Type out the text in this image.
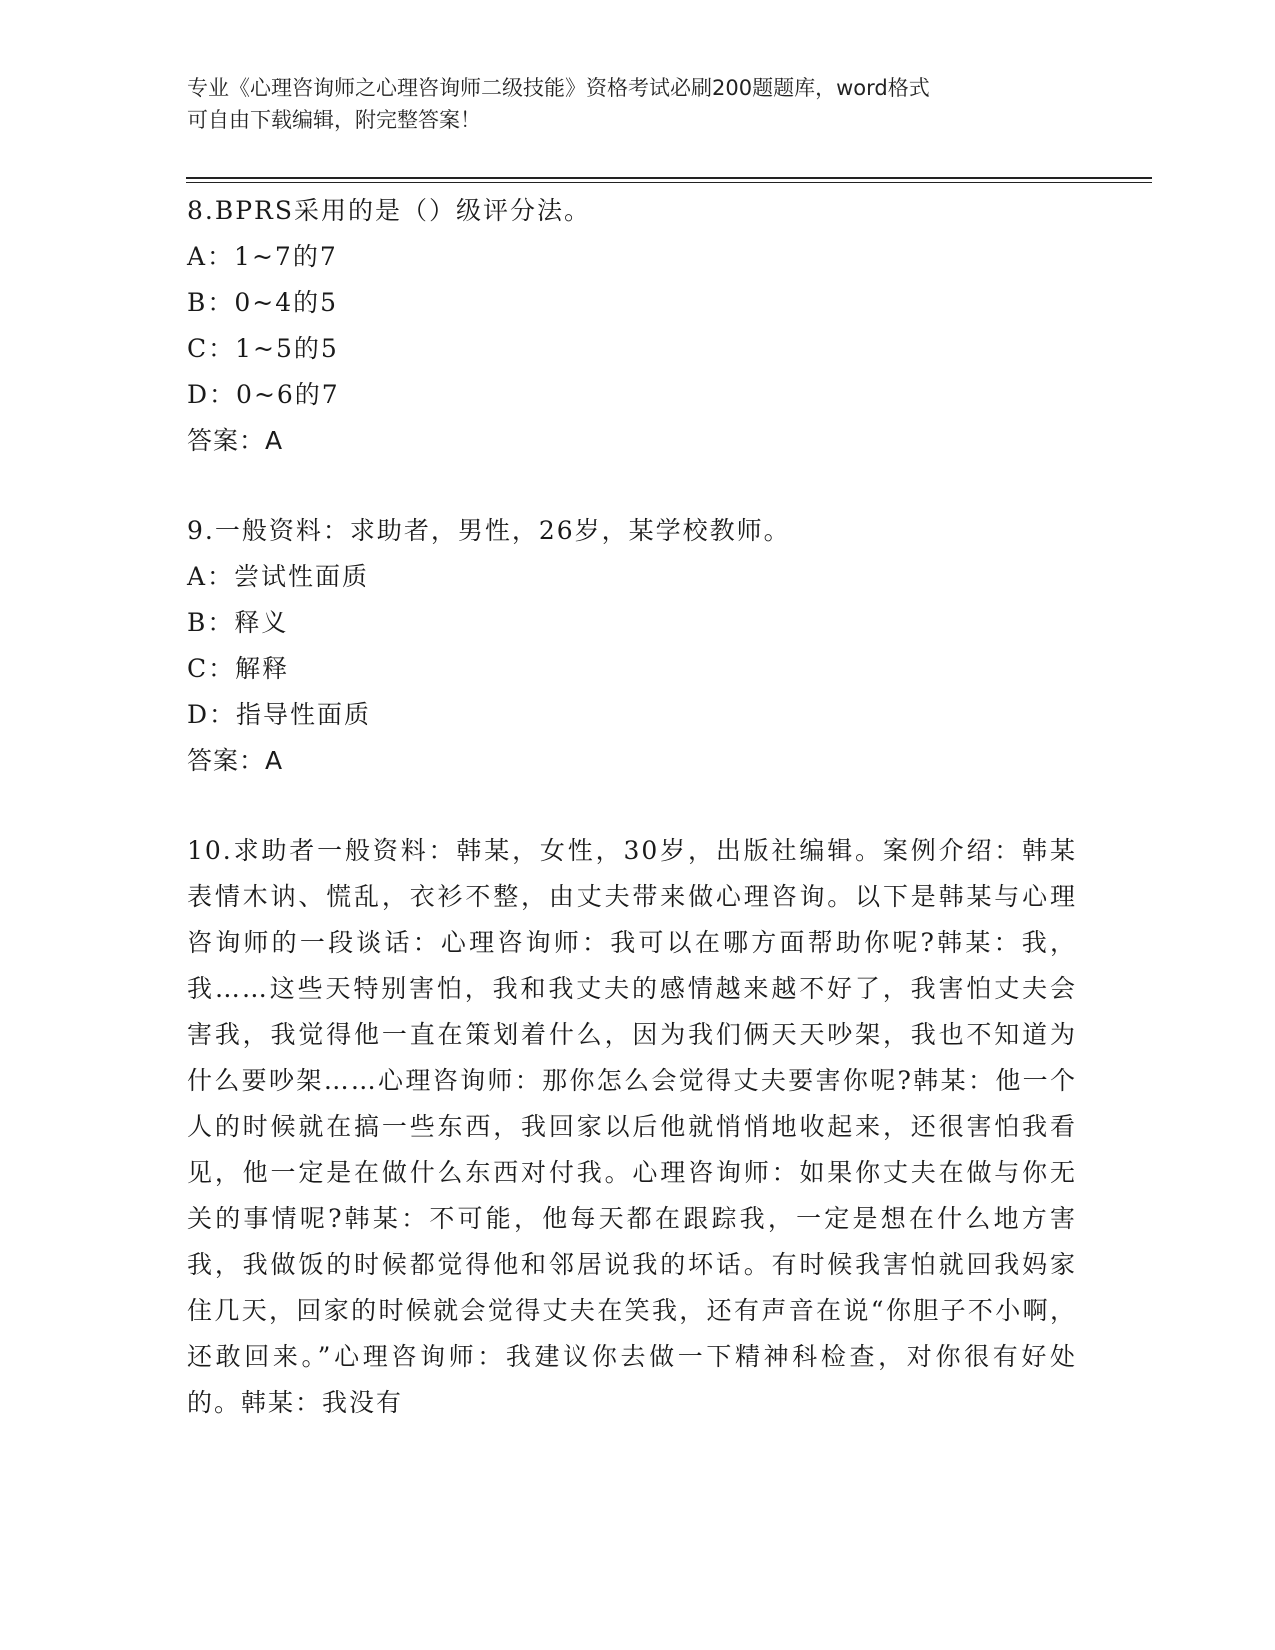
专业《心理咨询师之心理咨询师二级技能》资格考试必刷200题题库，word格式

可自由下载编辑，附完整答案！

8.BPRS采用的是（）级评分法。

A：1~7的7

B：0~4的5

C：1~5的5

D：0~6的7

答案：A

9.一般资料：求助者，男性，26岁，某学校教师。

A：尝试性面质

B：释义

C：解释

D：指导性面质

答案：A

10.求助者一般资料：韩某，女性，30岁，出版社编辑。案例介绍：韩某表情木讷、慌乱，衣衫不整，由丈夫带来做心理咨询。以下是韩某与心理咨询师的一段谈话：心理咨询师：我可以在哪方面帮助你呢?韩某：我，我……这些天特别害怕，我和我丈夫的感情越来越不好了，我害怕丈夫会害我，我觉得他一直在策划着什么，因为我们俩天天吵架，我也不知道为什么要吵架……心理咨询师：那你怎么会觉得丈夫要害你呢?韩某：他一个人的时候就在搞一些东西，我回家以后他就悄悄地收起来，还很害怕我看见，他一定是在做什么东西对付我。心理咨询师：如果你丈夫在做与你无关的事情呢?韩某：不可能，他每天都在跟踪我，一定是想在什么地方害我，我做饭的时候都觉得他和邻居说我的坏话。有时候我害怕就回我妈家住几天，回家的时候就会觉得丈夫在笑我，还有声音在说“你胆子不小啊，还敢回来。”心理咨询师：我建议你去做一下精神科检查，对你很有好处的。韩某：我没有
